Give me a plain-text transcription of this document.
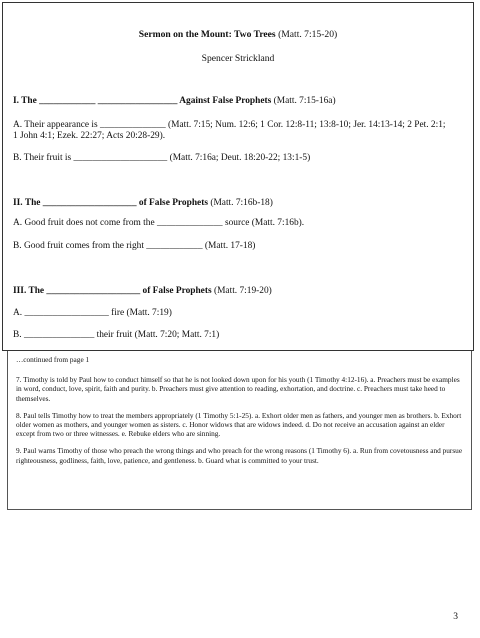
Sermon on the Mount: Two Trees (Matt. 7:15-20)
Spencer Strickland
I. The ____________ _________________ Against False Prophets (Matt. 7:15-16a)
A. Their appearance is ______________ (Matt. 7:15; Num. 12:6; 1 Cor. 12:8-11; 13:8-10; Jer. 14:13-14; 2 Pet. 2:1;
1 John 4:1; Ezek. 22:27; Acts 20:28-29).
B. Their fruit is ____________________ (Matt. 7:16a; Deut. 18:20-22; 13:1-5)
II. The ____________________ of False Prophets (Matt. 7:16b-18)
A. Good fruit does not come from the ______________ source (Matt. 7:16b).
B. Good fruit comes from the right ____________ (Matt. 17-18)
III. The ____________________ of False Prophets (Matt. 7:19-20)
A. __________________ fire (Matt. 7:19)
B. _______________ their fruit (Matt. 7:20; Matt. 7:1)

…continued from page 1

7. Timothy is told by Paul how to conduct himself so that he is not looked down upon for his youth (1 Timothy 4:12-16). a. Preachers must be examples in word, conduct, love, spirit, faith and purity. b. Preachers must give attention to reading, exhortation, and doctrine. c. Preachers must take heed to themselves.

8. Paul tells Timothy how to treat the members appropriately (1 Timothy 5:1-25). a. Exhort older men as fathers, and younger men as brothers. b. Exhort older women as mothers, and younger women as sisters. c. Honor widows that are widows indeed. d. Do not receive an accusation against an elder except from two or three witnesses. e. Rebuke elders who are sinning.

9. Paul warns Timothy of those who preach the wrong things and who preach for the wrong reasons (1 Timothy 6). a. Run from covetousness and pursue righteousness, godliness, faith, love, patience, and gentleness. b. Guard what is committed to your trust.

3
